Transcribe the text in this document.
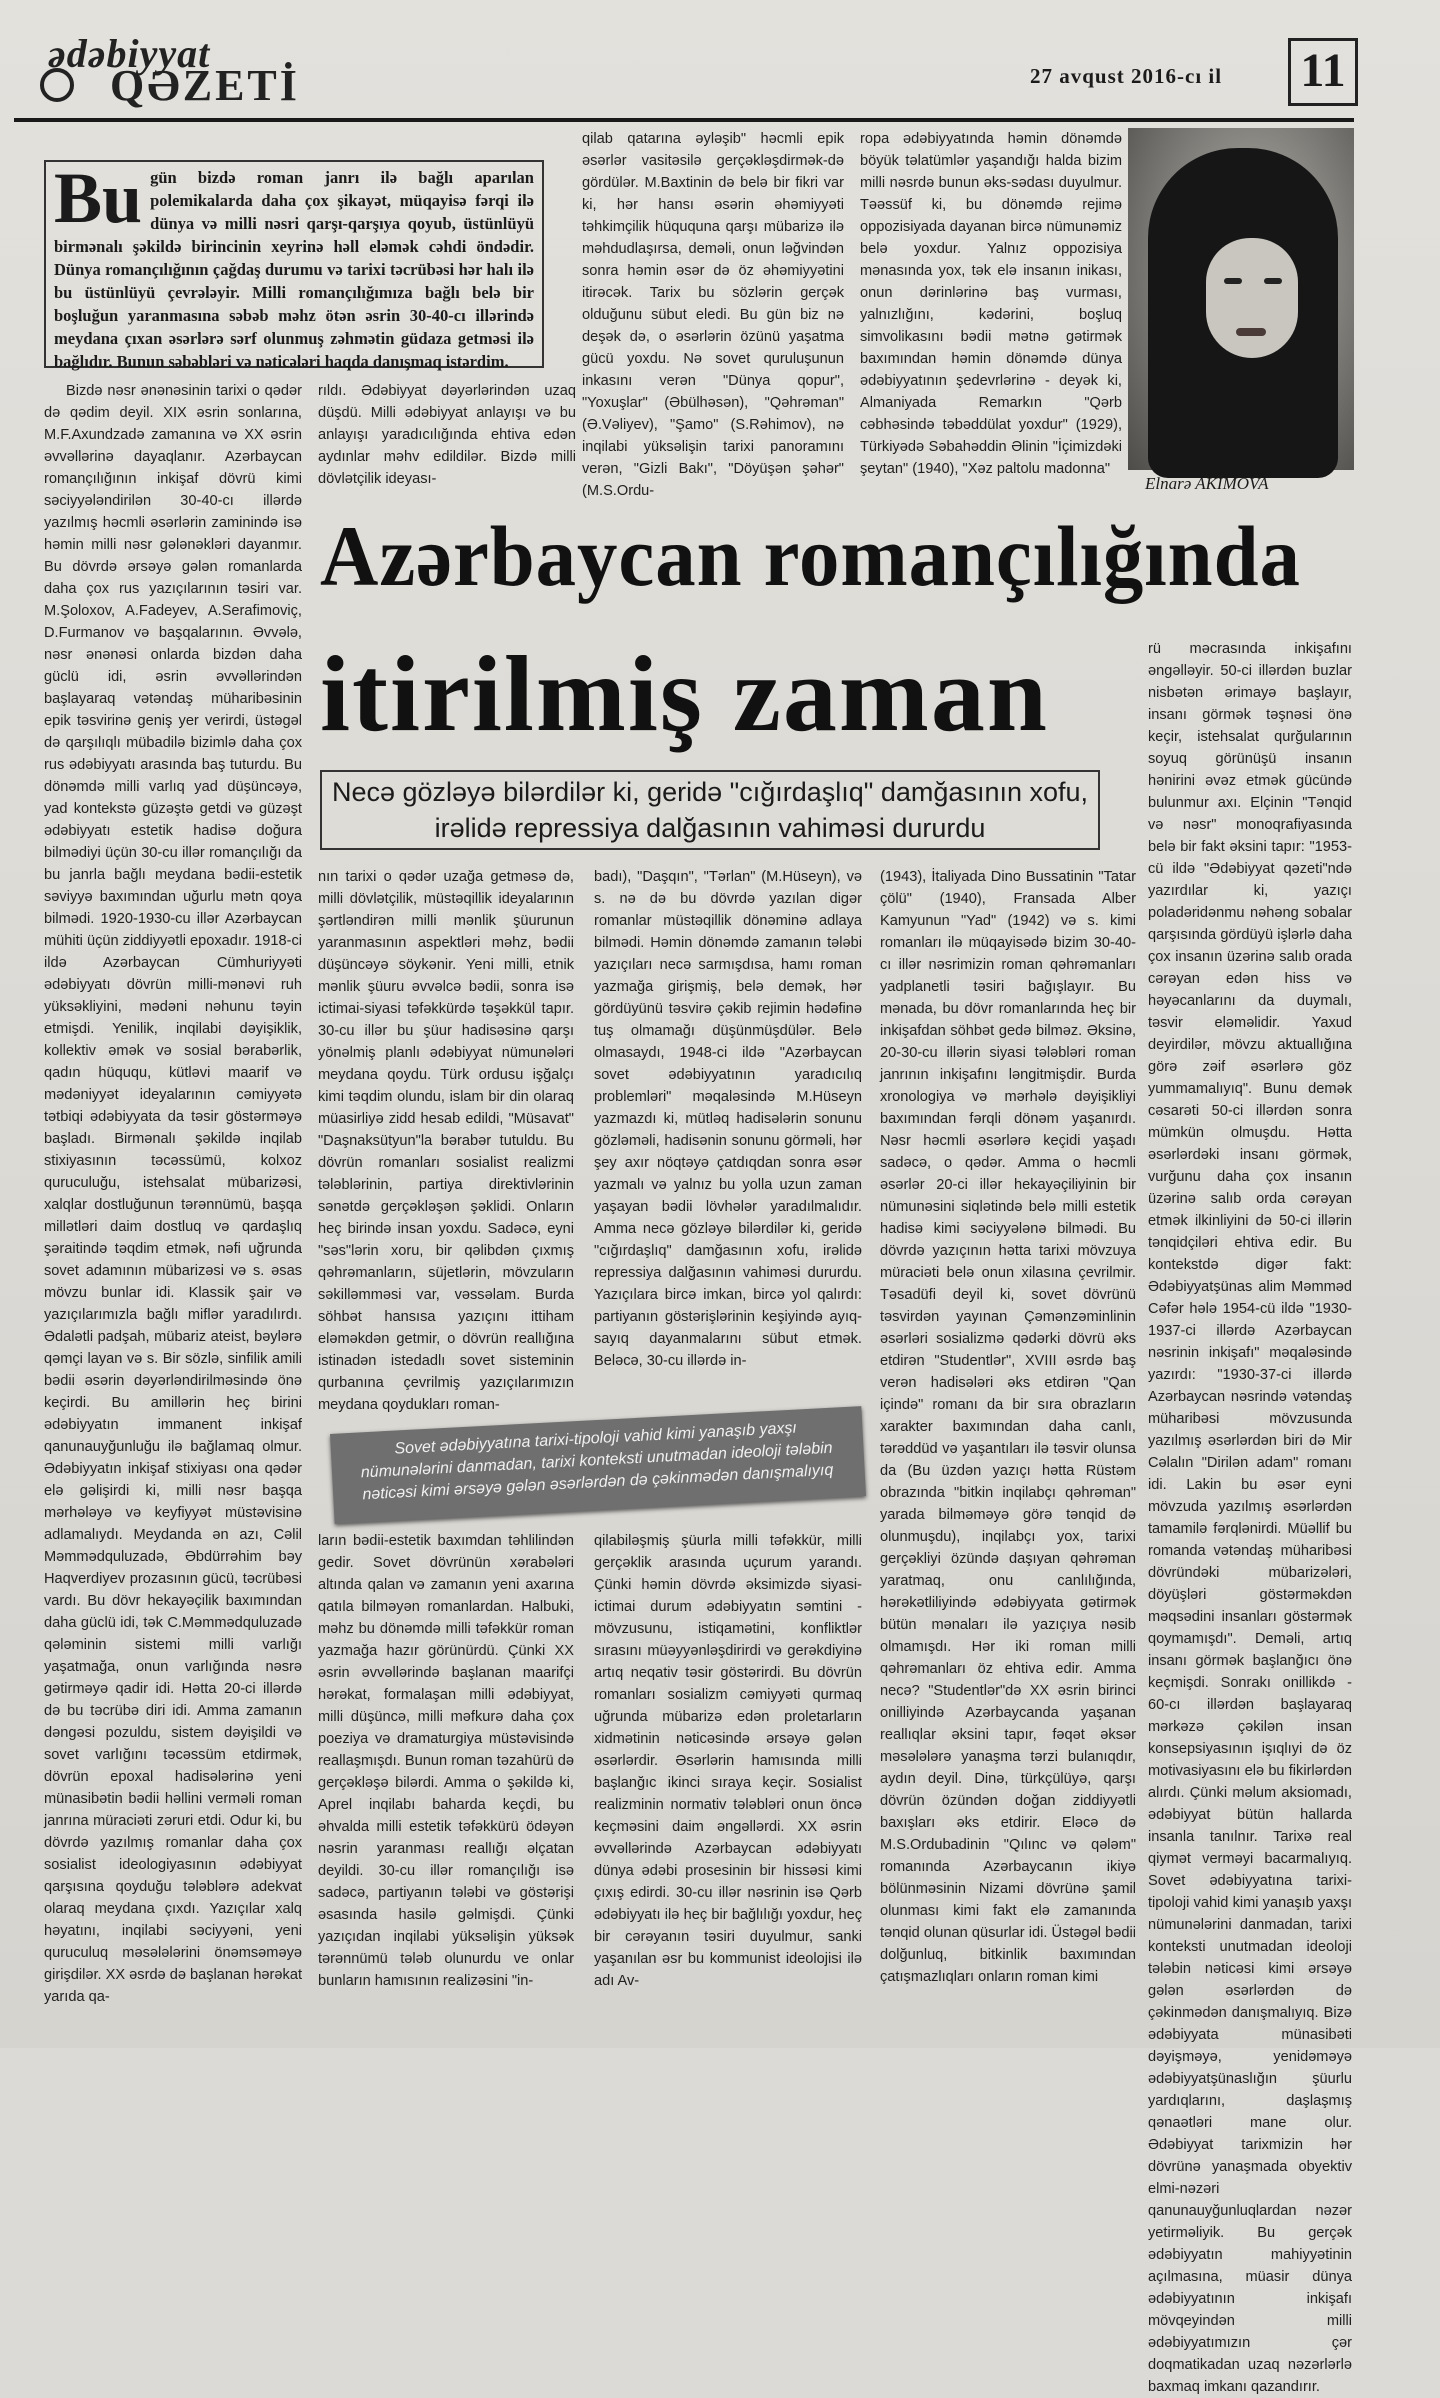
ədəbiyyat
QƏZETİ	27 avqust 2016-cı il 11
Bu gün bizdə roman janrı ilə bağlı aparılan polemikalarda daha çox şikayət, müqayisə fərqi ilə dünya və milli nəsri qarşı-qarşıya qoyub, üstünlüyü birmənalı şəkildə birincinin xeyrinə həll eləmək cəhdi öndədir. Dünya romançılığının çağdaş durumu və tarixi təcrübəsi hər halı ilə bu üstünlüyü çevrələyir. Milli romançılığımıza bağlı belə bir boşluğun yaranmasına səbəb məhz ötən əsrin 30-40-cı illərində meydana çıxan əsərlərə sərf olunmuş zəhmətin güdaza getməsi ilə bağlıdır. Bunun səbəbləri və nəticələri haqda danışmaq istərdim.

qilab qatarına əyləşib" həcmli epik əsərlər vasitəsilə gerçəkləşdirmək-də gördülər. M.Baxtinin də belə bir fikri var ki, hər hansı əsərin əhəmiyyəti təhkimçilik hüququna qarşı mübarizə ilə məhdudlaşırsa, deməli, onun ləğvindən sonra həmin əsər də öz əhəmiyyətini itirəcək. Tarix bu sözlərin gerçək olduğunu sübut eledi. Bu gün biz nə deşək də, o əsərlərin özünü yaşatma gücü yoxdu. Nə sovet quruluşunun inkasını verən "Dünya qopur", "Yoxuşlar" (Əbülhəsən), "Qəhrəman" (Ə.Vəliyev), "Şamo" (S.Rəhimov), nə inqilabi yüksəlişin tarixi panoramını verən, "Gizli Bakı", "Döyüşən şəhər" (M.S.Ordu-

ropa ədəbiyyatında həmin dönəmdə böyük təlatümlər yaşandığı halda bizim milli nəsrdə bunun əks-sədası duyulmur. Təəssüf ki, bu dönəmdə rejimə oppozisiyada dayanan bircə nümunəmiz belə yoxdur. Yalnız oppozisiya mənasında yox, tək elə insanın inikası, onun dərinlərinə baş vurması, yalnızlığını, kədərini, boşluq simvolikasını bədii mətnə gətirmək baxımından həmin dönəmdə dünya ədəbiyyatının şedevrlərinə - deyək ki, Almaniyada Remarkın "Qərb cəbhəsində təbəddülat yoxdur" (1929), Türkiyədə Səbahəddin Əlinin "İçimizdəki şeytan" (1940), "Xəz paltolu madonna"

Elnarə AKİMOVA

Bizdə nəsr ənənəsinin tarixi o qədər də qədim deyil. XIX əsrin sonlarına, M.F.Axundzadə zamanına və XX əsrin əvvəllərinə dayaqlanır. Azərbaycan romançılığının inkişaf dövrü kimi səciyyələndirilən 30-40-cı illərdə yazılmış həcmli əsərlərin zaminində isə həmin milli nəsr gələnəkləri dayanmır. Bu dövrdə ərsəyə gələn romanlarda daha çox rus yazıçılarının təsiri var. M.Şoloxov, A.Fadeyev, A.Serafimoviç, D.Furmanov və başqalarının. Əvvələ, nəsr ənənəsi onlarda bizdən daha güclü idi, əsrin əvvəllərindən başlayaraq vətəndaş müharibəsinin epik təsvirinə geniş yer verirdi, üstəgəl də qarşılıqlı mübadilə bizimlə daha çox rus ədəbiyyatı arasında baş tuturdu. Bu dönəmdə milli varlıq yad düşüncəyə, yad kontekstə güzəştə getdi və güzəşt ədəbiyyatı estetik hadisə doğura bilmədiyi üçün 30-cu illər romançılığı da bu janrla bağlı meydana bədii-estetik səviyyə baxımından uğurlu mətn qoya bilmədi. 1920-1930-cu illər Azərbaycan mühiti üçün ziddiyyətli epoxadır. 1918-ci ildə Azərbaycan Cümhuriyyəti ədəbiyyatı dövrün milli-mənəvi ruh yüksəkliyini, mədəni nəhunu təyin etmişdi. Yenilik, inqilabi dəyişiklik, kollektiv əmək və sosial bərabərlik, qadın hüququ, kütləvi maarif və mədəniyyət ideyalarının cəmiyyətə tətbiqi ədəbiyyata da təsir göstərməyə başladı. Birmənalı şəkildə inqilab stixiyasının təcəssümü, kolxoz quruculuğu, istehsalat mübarizəsi, xalqlar dostluğunun tərənnümü, başqa millətləri daim dostluq və qardaşlıq şəraitində təqdim etmək, nəfi uğrunda sovet adamının mübarizəsi və s. əsas mövzu bunlar idi. Klassik şair və yazıçılarımızla bağlı miflər yaradılırdı. Ədalətli padşah, mübariz ateist, bəylərə qəmçi layan və s. Bir sözlə, sinfilik amili bədii əsərin dəyərləndirilməsində önə keçirdi. Bu amillərin heç birini ədəbiyyatın immanent inkişaf qanunauyğunluğu ilə bağlamaq olmur. Ədəbiyyatın inkişaf stixiyası ona qədər elə gəlişirdi ki, milli nəsr başqa mərhələyə və keyfiyyət müstəvisinə adlamalıydı. Meydanda ən azı, Cəlil Məmmədquluzadə, Əbdürrəhim bəy Haqverdiyev prozasının gücü, təcrübəsi vardı. Bu dövr hekayəçilik baxımından daha güclü idi, tək C.Məmmədquluzadə qələminin sistemi milli varlığı yaşatmağa, onun varlığında nəsrə gətirməyə qadir idi. Hətta 20-ci illərdə də bu təcrübə diri idi. Amma zamanın dəngəsi pozuldu, sistem dəyişildi və sovet varlığını təcəssüm etdirmək, dövrün epoxal hadisələrinə yeni münasibətin bədii həllini verməli roman janrına müraciəti zəruri etdi. Odur ki, bu dövrdə yazılmış romanlar daha çox sosialist ideologiyasının ədəbiyyat qarşısına qoyduğu tələblərə adekvat olaraq meydana çıxdı. Yazıçılar xalq həyatını, inqilabi səciyyəni, yeni quruculuq məsələlərini önəmsəməyə girişdilər. XX əsrdə də başlanan hərəkat yarıda qa-

rıldı. Ədəbiyyat dəyərlərindən uzaq düşdü. Milli ədəbiyyat anlayışı və bu anlayışı yaradıcılığında ehtiva edən aydınlar məhv edildilər. Bizdə milli dövlətçilik ideyası-

Azərbaycan romançılığında
itirilmiş zaman
Necə gözləyə bilərdilər ki, geridə "cığırdaşlıq" damğasının xofu, irəlidə repressiya dalğasının vahiməsi dururdu

rü məcrasında inkişafını əngəlləyir. 50-ci illərdən buzlar nisbətən ərimayə başlayır, insanı görmək təşnəsi önə keçir, istehsalat qurğularının soyuq görünüşü insanın hənirini əvəz etmək gücündə bulunmur axı. Elçinin "Tənqid və nəsr" monoqrafiyasında belə bir fakt əksini tapır: "1953-cü ildə "Ədəbiyyat qəzeti"ndə yazırdılar ki, yazıçı poladəridənmu nəhəng sobalar qarşısında gördüyü işlərlə daha çox insanın üzərinə salıb orada cərəyan edən hiss və həyəcanlarını da duymalı, təsvir eləməlidir. Yaxud deyirdilər, mövzu aktuallığına görə zəif əsərlərə göz yummamalıyıq". Bunu demək cəsarəti 50-ci illərdən sonra mümkün olmuşdu. Hətta əsərlərdəki insanı görmək, vurğunu daha çox insanın üzərinə salıb orda cərəyan etmək ilkinliyini də 50-ci illərin tənqidçiləri ehtiva edir. Bu kontekstdə digər fakt: Ədəbiyyatşünas alim Məmməd Cəfər hələ 1954-cü ildə "1930-1937-ci illərdə Azərbaycan nəsrinin inkişafı" məqaləsində yazırdı: "1930-37-ci illərdə Azərbaycan nəsrində vətəndaş müharibəsi mövzusunda yazılmış əsərlərdən biri də Mir Cəlalın "Dirilən adam" romanı idi. Lakin bu əsər eyni mövzuda yazılmış əsərlərdən tamamilə fərqlənirdi. Müəllif bu romanda vətəndaş müharibəsi dövründəki mübarizələri, döyüşləri göstərməkdən məqsədini insanları göstərmək qoymamışdı". Deməli, artıq insanı görmək başlanğıcı önə keçmişdi. Sonrakı onillikdə - 60-cı illərdən başlayaraq mərkəzə çəkilən insan konsepsiyasının işıqlıyi də öz motivasiyasını elə bu fikirlərdən alırdı. Çünki məlum aksiomadı, ədəbiyyat bütün hallarda insanla tanılnır. Tarixə real qiymət verməyi bacarmalıyıq. Sovet ədəbiyyatına tarixi-tipoloji vahid kimi yanaşıb yaxşı nümunələrini danmadan, tarixi konteksti unutmadan ideoloji tələbin nəticəsi kimi ərsəyə gələn əsərlərdən də çəkinmədən danışmalıyıq. Bizə ədəbiyyata münasibəti dəyişməyə, yenidəməyə ədəbiyyatşünaslığın şüurlu yardıqlarını, daşlaşmış qənaətləri mane olur. Ədəbiyyat tarixmizin hər dövrünə yanaşmada obyektiv elmi-nəzəri qanunauyğunluqlardan nəzər yetirməliyik. Bu gerçək ədəbiyyatın mahiyyətinin açılmasına, müasir dünya ədəbiyyatının inkişafı mövqeyindən milli ədəbiyyatımızın çər doqmatikadan uzaq nəzərlərlə baxmaq imkanı qazandırır.

nın tarixi o qədər uzağa getməsə də, milli dövlətçilik, müstəqillik ideyalarının şərtləndirən milli mənlik şüurunun yaranmasının aspektləri məhz, bədii düşüncəyə söykənir. Yeni milli, etnik mənlik şüuru əvvəlcə bədii, sonra isə ictimai-siyasi təfəkkürdə təşəkkül tapır. 30-cu illər bu şüur hadisəsinə qarşı yönəlmiş planlı ədəbiyyat nümunələri meydana qoydu. Türk ordusu işğalçı kimi təqdim olundu, islam bir din olaraq müasirliyə zidd hesab edildi, "Müsavat" "Daşnaksütyun"la bərabər tutuldu. Bu dövrün romanları sosialist realizmi tələblərinin, partiya direktivlərinin sənətdə gerçəkləşən şəklidi. Onların heç birində insan yoxdu. Sadəcə, eyni "səs"lərin xoru, bir qəlibdən çıxmış qəhrəmanların, süjetlərin, mövzuların səkilləmməsi var, vəssəlam. Burda söhbət hansısa yazıçını ittiham eləməkdən getmir, o dövrün reallığına istinadən istedadlı sovet sisteminin qurbanına çevrilmiş yazıçılarımızın meydana qoydukları roman-

badı), "Daşqın", "Tərlan" (M.Hüseyn), və s. nə də bu dövrdə yazılan digər romanlar müstəqillik dönəminə adlaya bilmədi. Həmin dönəmdə zamanın tələbi yazıçıları necə sarmışdısa, hamı roman yazmağa girişmiş, belə demək, hər gördüyünü təsvirə çəkib rejimin hədəfinə tuş olmamağı düşünmüşdülər. Belə olmasaydı, 1948-ci ildə "Azərbaycan sovet ədəbiyyatının yaradıcılıq problemləri" məqaləsində M.Hüseyn yazmazdı ki, mütləq hadisələrin sonunu gözləməli, hadisənin sonunu görməli, hər şey axır nöqtəyə çatdıqdan sonra əsər yazmalı və yalnız bu yolla uzun zaman yaşayan bədii lövhələr yaradılmalıdır. Amma necə gözləyə bilərdilər ki, geridə "cığırdaşlıq" damğasının xofu, irəlidə repressiya dalğasının vahiməsi dururdu. Yazıçılara bircə imkan, bircə yol qalırdı: partiyanın göstərişlərinin keşiyində ayıq-sayıq dayanmalarını sübut etmək. Beləcə, 30-cu illərdə in-

(1943), İtaliyada Dino Bussatinin "Tatar çölü" (1940), Fransada Alber Kamyunun "Yad" (1942) və s. kimi romanları ilə müqayisədə bizim 30-40-cı illər nəsrimizin roman qəhrəmanları yadplanetli təsiri bağışlayır. Bu mənada, bu dövr romanlarında heç bir inkişafdan söhbət gedə bilməz. Əksinə, 20-30-cu illərin siyasi tələbləri roman janrının inkişafını ləngitmişdir. Burda xronologiya və mərhələ dəyişikliyi baxımından fərqli dönəm yaşanırdı. Nəsr həcmli əsərlərə keçidi yaşadı sadəcə, o qədər. Amma o həcmli əsərlər 20-ci illər hekayəçiliyinin bir nümunəsini siqlətində belə milli estetik hadisə kimi səciyyələnə bilmədi. Bu dövrdə yazıçının hətta tarixi mövzuya müraciəti belə onun xilasına çevrilmir. Təsadüfi deyil ki, sovet dövrünü təsvirdən yayınan Çəmənzəminlinin əsərləri sosializmə qədərki dövrü əks etdirən "Studentlər", XVIII əsrdə baş verən hadisələri əks etdirən "Qan içində" romanı da bir sıra obrazların xarakter baxımından daha canlı, tərəddüd və yaşantıları ilə təsvir olunsa da (Bu üzdən yazıçı hətta Rüstəm obrazında "bitkin inqilabçı qəhrəman" yarada bilməməyə görə tənqid də olunmuşdu), inqilabçı yox, tarixi gerçəkliyi özündə daşıyan qəhrəman yaratmaq, onu canlılığında, hərəkətliliyində ədəbiyyata gətirmək bütün mənaları ilə yazıçıya nəsib olmamışdı. Hər iki roman milli qəhrəmanları öz ehtiva edir. Amma necə? "Studentlər"də XX əsrin birinci onilliyində Azərbaycanda yaşanan reallıqlar əksini tapır, fəqət əksər məsələlərə yanaşma tərzi bulanıqdır, aydın deyil. Dinə, türkçülüyə, qarşı dövrün özündən doğan ziddiyyətli baxışları əks etdirir. Eləcə də M.S.Ordubadinin "Qılınc və qələm" romanında Azərbaycanın ikiyə bölünməsinin Nizami dövrünə şamil olunması kimi fakt elə zamanında tənqid olunan qüsurlar idi. Üstəgəl bədii dolğunluq, bitkinlik baxımından çatışmazlıqları onların roman kimi

Sovet ədəbiyyatına tarixi-tipoloji vahid kimi yanaşıb yaxşı nümunələrini danmadan, tarixi konteksti unutmadan ideoloji tələbin nəticəsi kimi ərsəyə gələn əsərlərdən də çəkinmədən danışmalıyıq

ların bədii-estetik baxımdan təhlilindən gedir. Sovet dövrünün xərabələri altında qalan və zamanın yeni axarına qatıla bilməyən romanlardan. Halbuki, məhz bu dönəmdə milli təfəkkür roman yazmağa hazır görünürdü. Çünki XX əsrin əvvəllərində başlanan maarifçi hərəkat, formalaşan milli ədəbiyyat, milli düşüncə, milli məfkurə daha çox poeziya və dramaturgiya müstəvisində reallaşmışdı. Bunun roman təzahürü də gerçəkləşə bilərdi. Amma o şəkildə ki, Aprel inqilabı baharda keçdi, bu əhvalda milli estetik təfəkkürü ödəyən nəsrin yaranması reallığı əlçatan deyildi. 30-cu illər romançılığı isə sadəcə, partiyanın tələbi və göstərişi əsasında hasilə gəlmişdi. Çünki yazıçıdan inqilabi yüksəlişin yüksək tərənnümü tələb olunurdu ve onlar bunların hamısının realizəsini "in-

qilabiləşmiş şüurla milli təfəkkür, milli gerçəklik arasında uçurum yarandı. Çünki həmin dövrdə əksimizdə siyasi-ictimai durum ədəbiyyatın səmtini - mövzusunu, istiqamətini, konfliktlər sırasını müəyyənləşdirirdi və gerəkdiyinə artıq neqativ təsir göstərirdi. Bu dövrün romanları sosializm cəmiyyəti qurmaq uğrunda mübarizə edən proletarların xidmətinin nəticəsində ərsəyə gələn əsərlərdir. Əsərlərin hamısında milli başlanğıc ikinci sıraya keçir. Sosialist realizminin normativ tələbləri onun öncə keçməsini daim əngəllərdi. XX əsrin əvvəllərində Azərbaycan ədəbiyyatı dünya ədəbi prosesinin bir hissəsi kimi çıxış edirdi. 30-cu illər nəsrinin isə Qərb ədəbiyyatı ilə heç bir bağlılığı yoxdur, heç bir cərəyanın təsiri duyulmur, sanki yaşanılan əsr bu kommunist ideolojisi ilə adı Av-
